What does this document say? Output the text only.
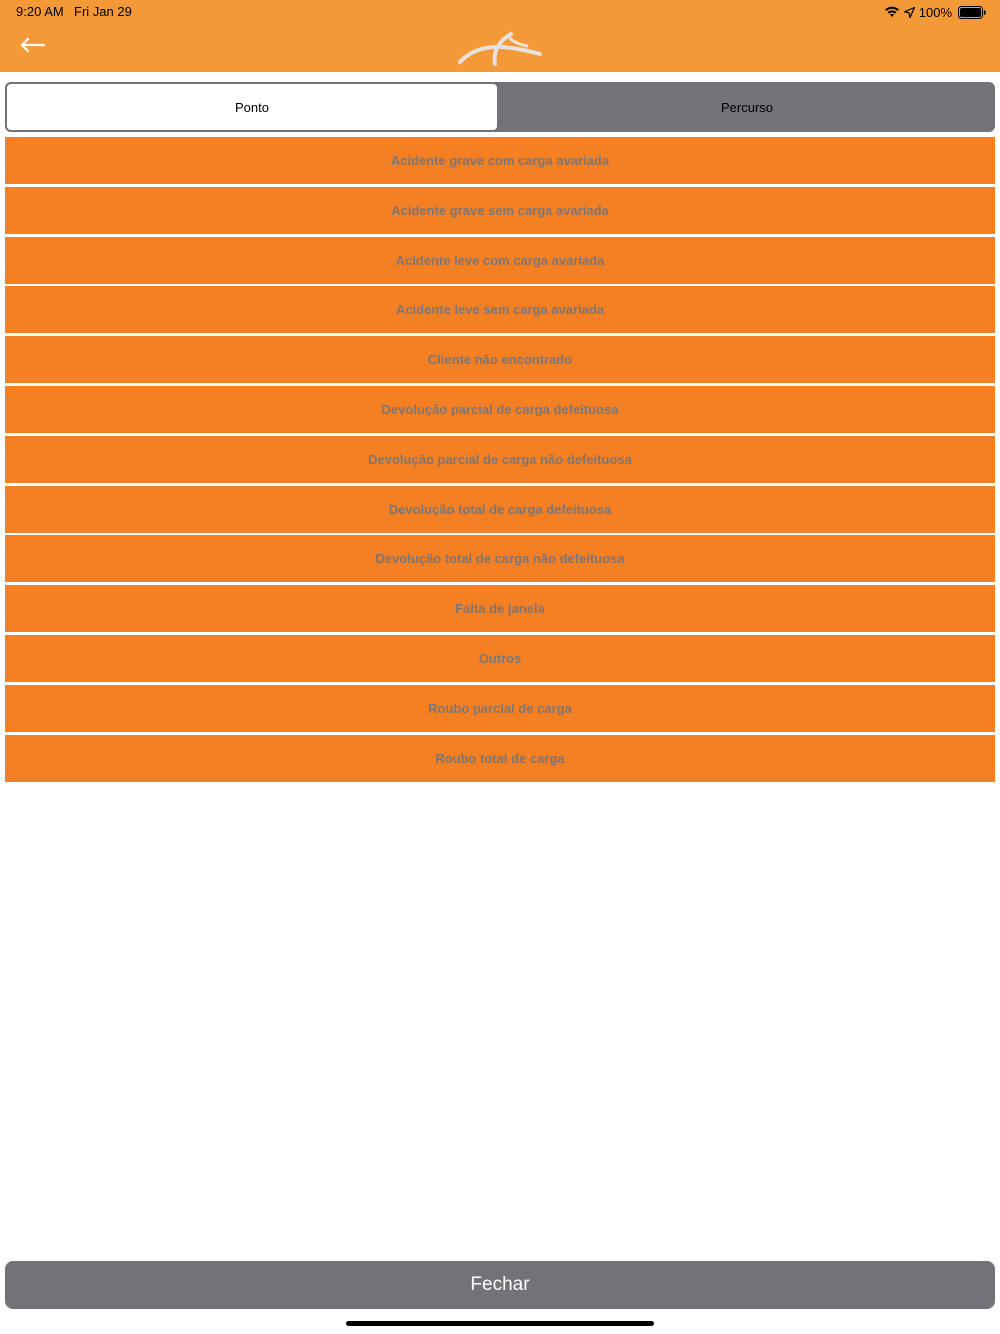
9:20 AM Fri Jan 29	100%
Ponto	Percurso
Acidente grave com carga avariada
Acidente grave sem carga avariada
Acidente leve com carga avariada
Acidente leve sem carga avariada
Cliente não encontrado
Devolução parcial de carga defeituosa
Devolução parcial de carga não defeituosa
Devolução total de carga defeituosa
Devolução total de carga não defeituosa
Falta de janela
Outros
Roubo parcial de carga
Roubo total de carga
Fechar
